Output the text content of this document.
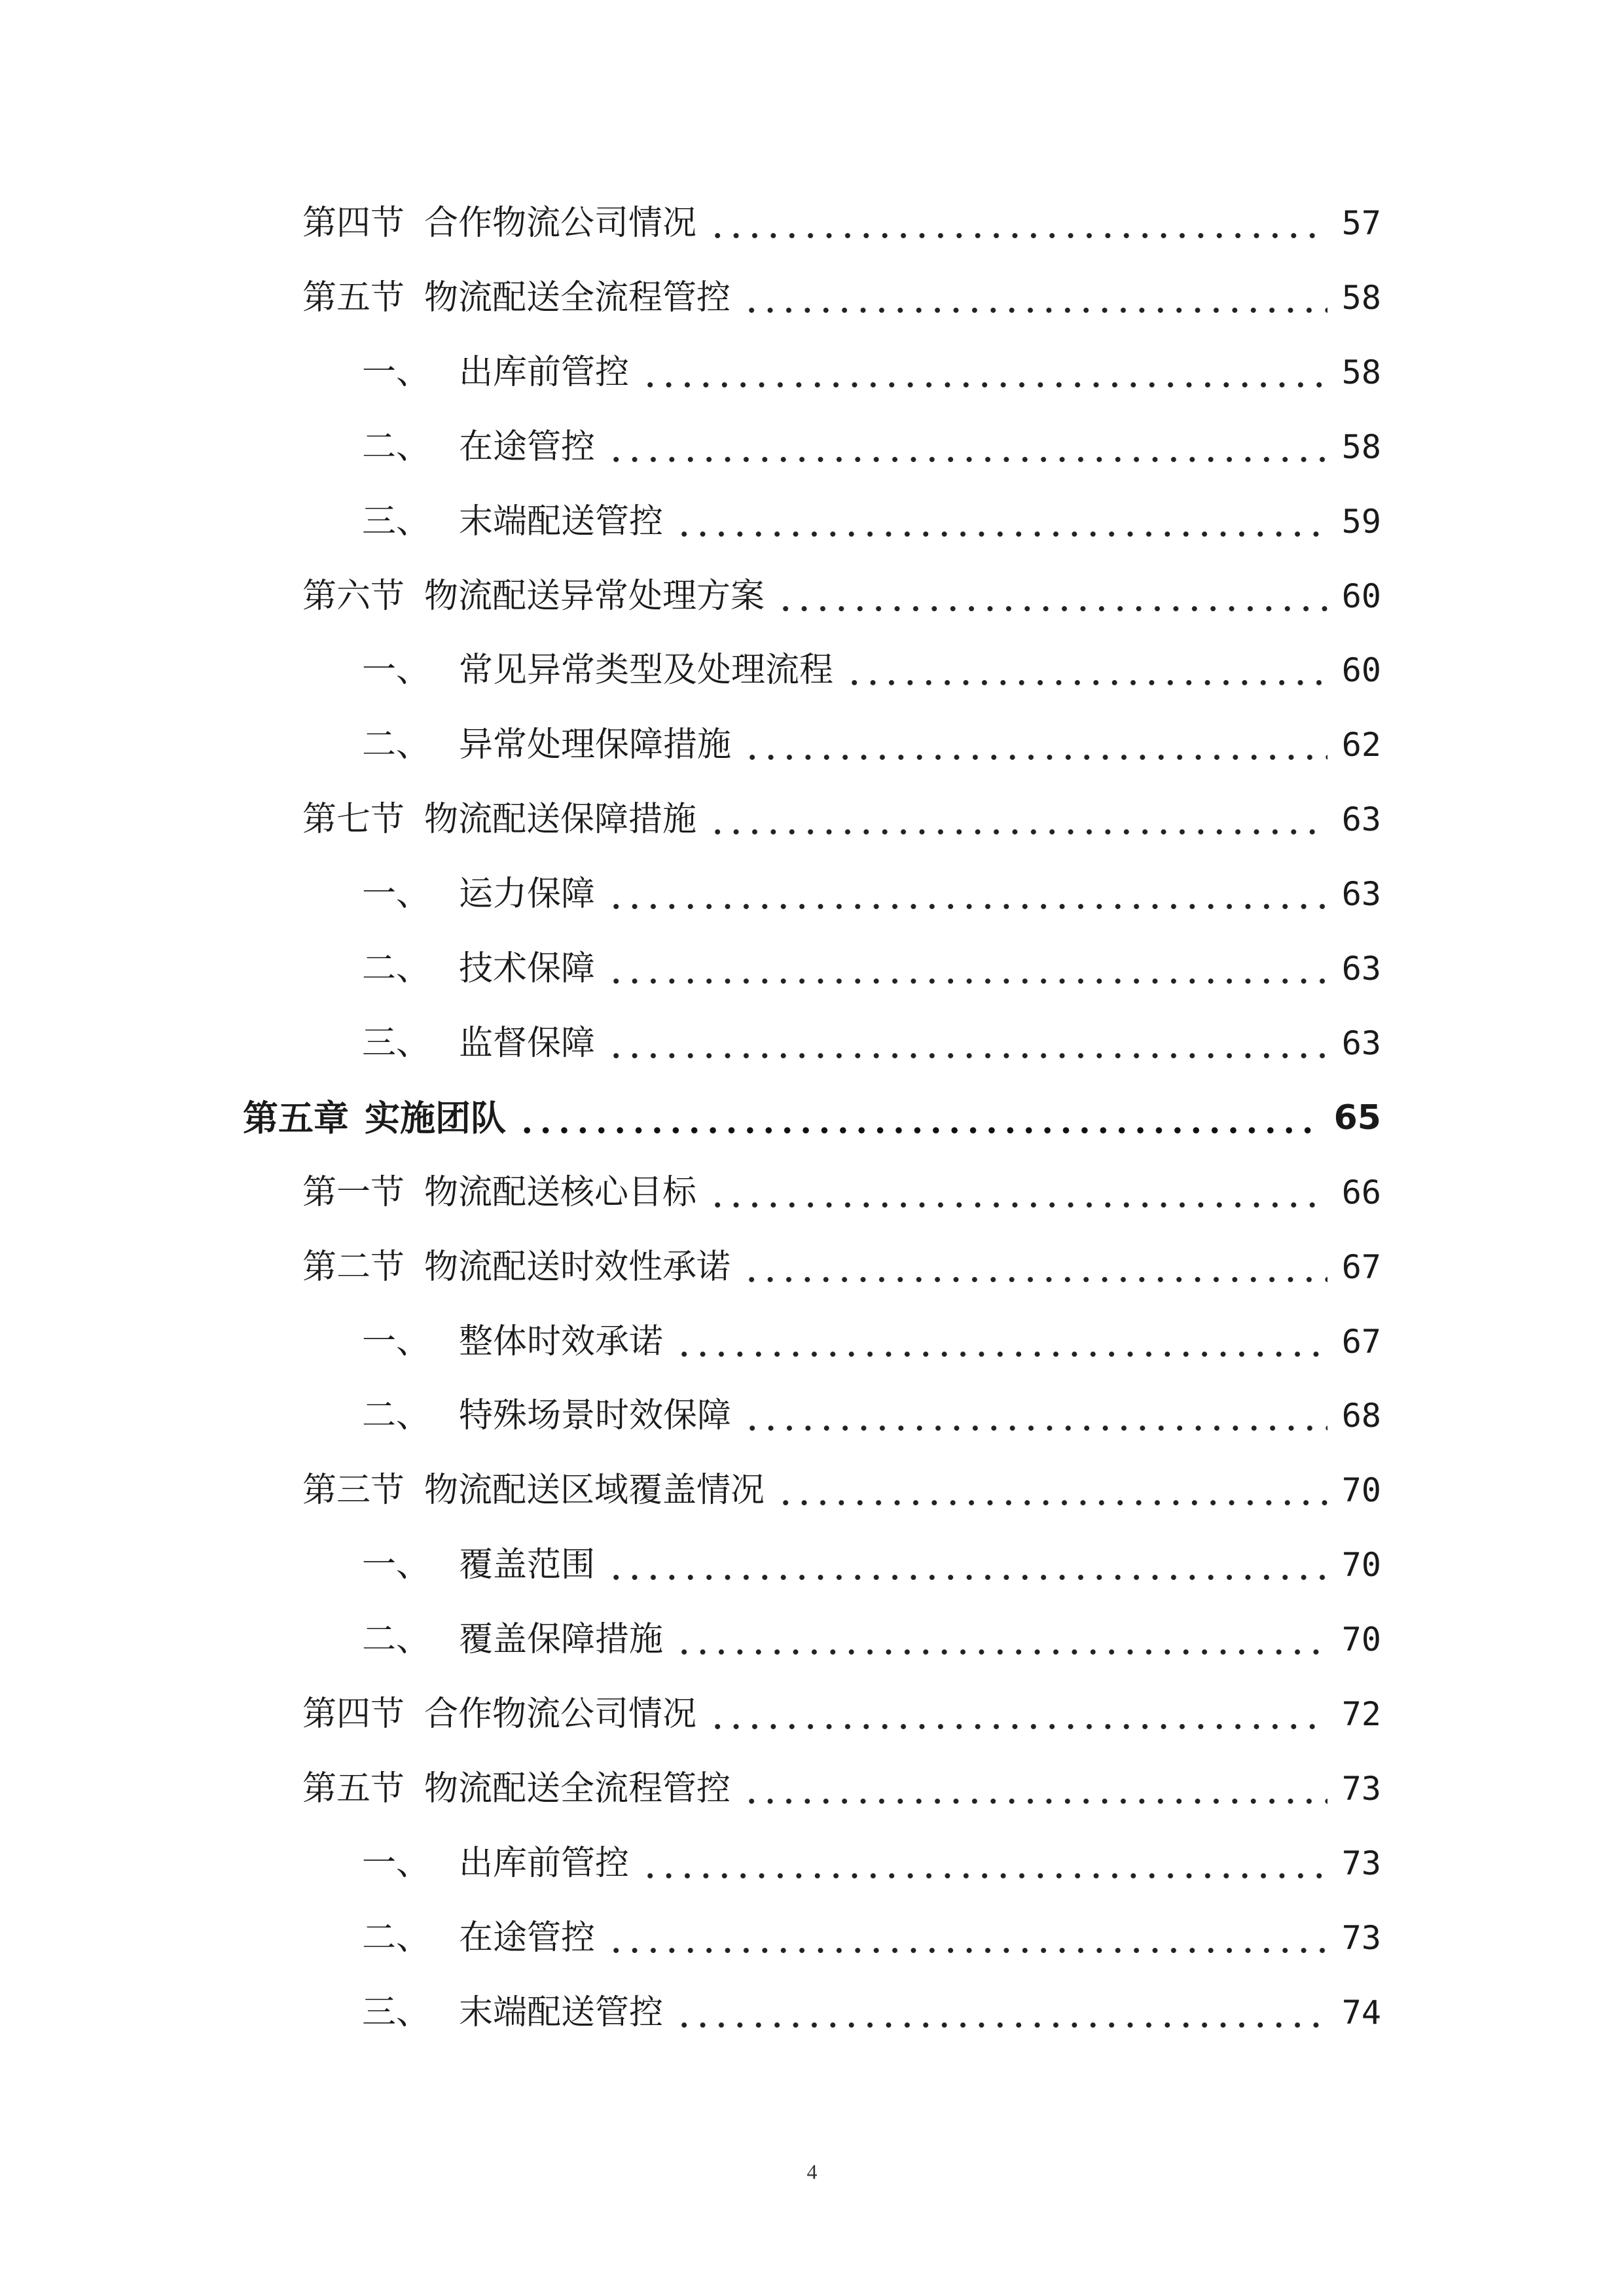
第四节 合作物流公司情况	57
第五节 物流配送全流程管控	58
一、 出库前管控	58
二、 在途管控	58
三、 末端配送管控	59
第六节 物流配送异常处理方案	60
一、 常见异常类型及处理流程	60
二、 异常处理保障措施	62
第七节 物流配送保障措施	63
一、 运力保障	63
二、 技术保障	63
三、 监督保障	63
第五章 实施团队	65
第一节 物流配送核心目标	66
第二节 物流配送时效性承诺	67
一、 整体时效承诺	67
二、 特殊场景时效保障	68
第三节 物流配送区域覆盖情况	70
一、 覆盖范围	70
二、 覆盖保障措施	70
第四节 合作物流公司情况	72
第五节 物流配送全流程管控	73
一、 出库前管控	73
二、 在途管控	73
三、 末端配送管控	74
4
